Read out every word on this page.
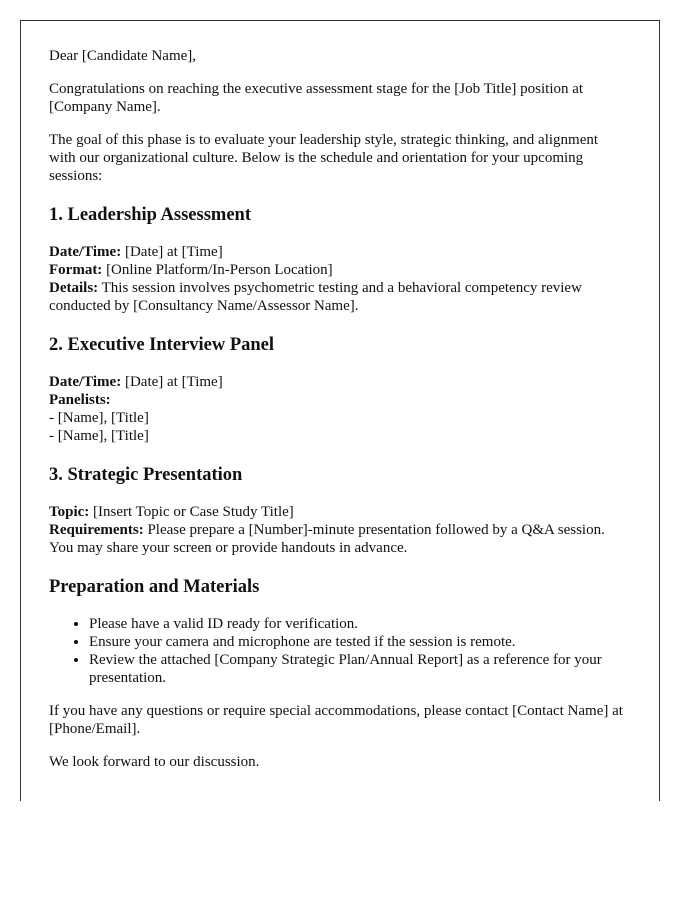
Dear [Candidate Name],

Congratulations on reaching the executive assessment stage for the [Job Title] position at [Company Name].

The goal of this phase is to evaluate your leadership style, strategic thinking, and alignment with our organizational culture. Below is the schedule and orientation for your upcoming sessions:

1. Leadership Assessment

Date/Time: [Date] at [Time]
Format: [Online Platform/In-Person Location]
Details: This session involves psychometric testing and a behavioral competency review conducted by [Consultancy Name/Assessor Name].

2. Executive Interview Panel

Date/Time: [Date] at [Time]
Panelists:
- [Name], [Title]
- [Name], [Title]

3. Strategic Presentation

Topic: [Insert Topic or Case Study Title]
Requirements: Please prepare a [Number]-minute presentation followed by a Q&A session. You may share your screen or provide handouts in advance.

Preparation and Materials
• Please have a valid ID ready for verification.
• Ensure your camera and microphone are tested if the session is remote.
• Review the attached [Company Strategic Plan/Annual Report] as a reference for your presentation.

If you have any questions or require special accommodations, please contact [Contact Name] at [Phone/Email].

We look forward to our discussion.
